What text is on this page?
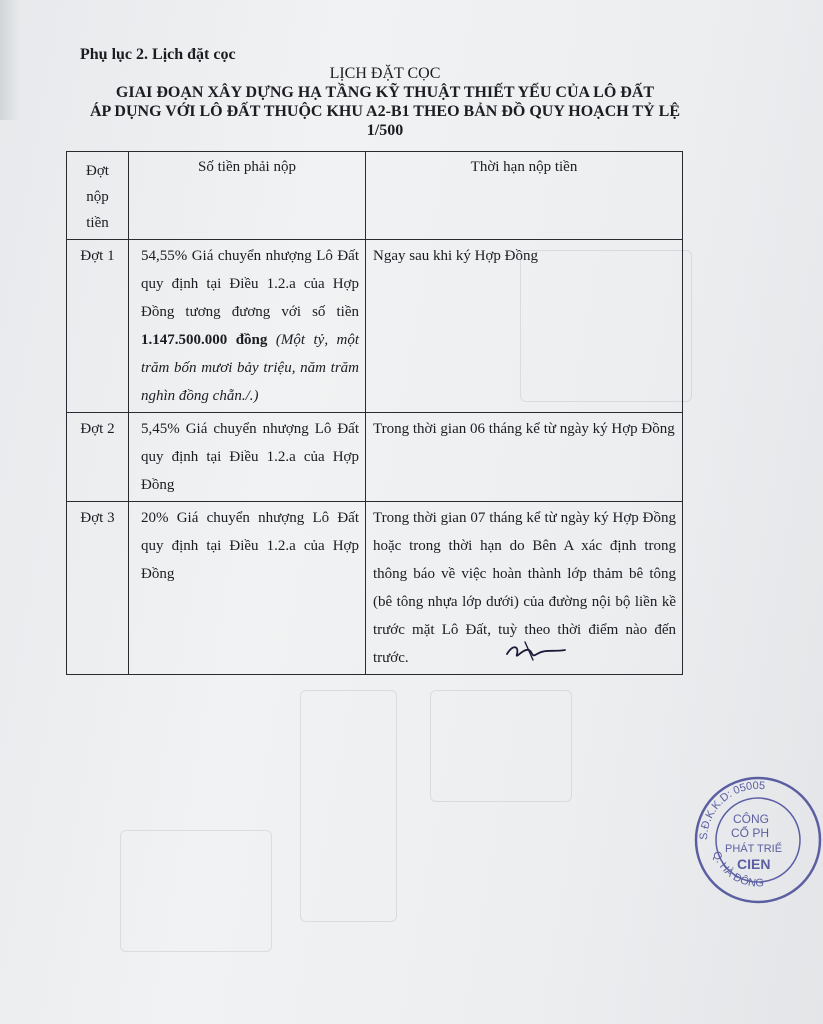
Phụ lục 2. Lịch đặt cọc
LỊCH ĐẶT CỌC
GIAI ĐOẠN XÂY DỰNG HẠ TẦNG KỸ THUẬT THIẾT YẾU CỦA LÔ ĐẤT
ÁP DỤNG VỚI LÔ ĐẤT THUỘC KHU A2-B1 THEO BẢN ĐỒ QUY HOẠCH TỶ LỆ
1/500
Đợt
nộp
tiền	Số tiền phải nộp	Thời hạn nộp tiền
Đợt 1	54,55% Giá chuyển nhượng Lô Đất quy định tại Điều 1.2.a của Hợp Đồng tương đương với số tiền 1.147.500.000 đồng (Một tỷ, một trăm bốn mươi bảy triệu, năm trăm nghìn đồng chẵn./.)	Ngay sau khi ký Hợp Đồng
Đợt 2	5,45% Giá chuyển nhượng Lô Đất quy định tại Điều 1.2.a của Hợp Đồng	Trong thời gian 06 tháng kể từ ngày ký Hợp Đồng
Đợt 3	20% Giá chuyển nhượng Lô Đất quy định tại Điều 1.2.a của Hợp Đồng	Trong thời gian 07 tháng kể từ ngày ký Hợp Đồng hoặc trong thời hạn do Bên A xác định trong thông báo về việc hoàn thành lớp thảm bê tông (bê tông nhựa lớp dưới) của đường nội bộ liền kề trước mặt Lô Đất, tuỳ theo thời điểm nào đến trước.
S.Đ.K.K.D: 05005
Q. HÀ ĐÔNG
CÔNG
CỔ PH
PHÁT TRIỂ
CIEN
